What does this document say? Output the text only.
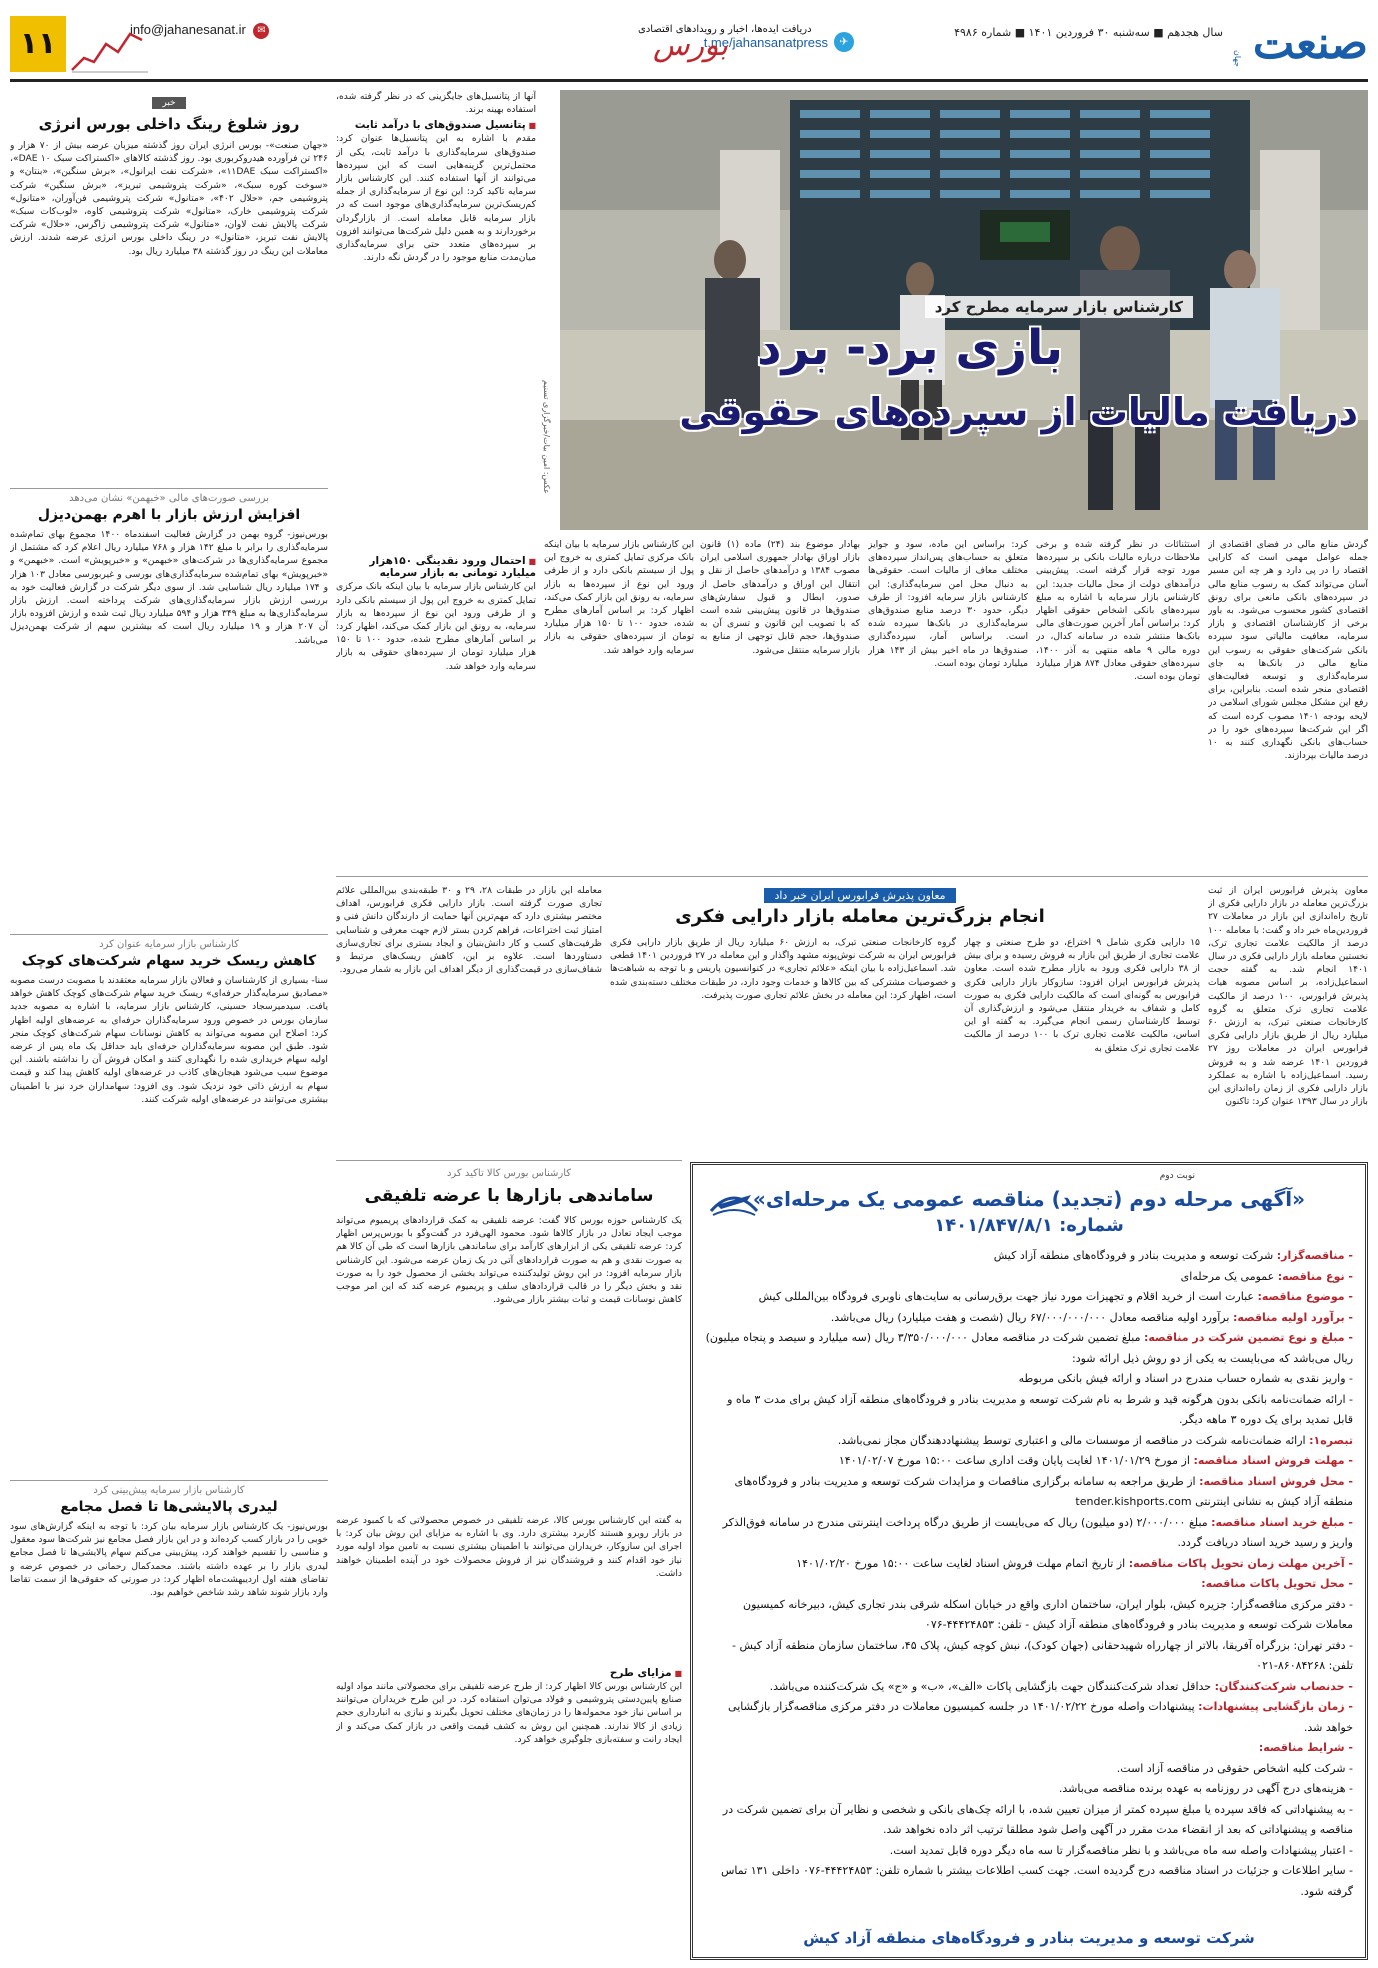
صنعت
جهان
سال هجدهم ■ سه‌شنبه ۳۰ فروردین ۱۴۰۱ ■ شماره ۴۹۸۶
✈
دریافت ایده‌ها، اخبار و رویدادهای اقتصادی
t.me/jahansanatpress
بورس
info@jahanesanat.ir ✉
۱۱
عکس: امین بیات/خبرگزاری تسنیم
کارشناس بازار سرمایه مطرح کرد
بازی برد- برد
دریافت مالیات از سپرده‌های حقوقی
گردش منابع مالی در فضای اقتصادی از جمله عوامل مهمی است که کارایی اقتصاد را در پی دارد و هر چه این مسیر آسان می‌تواند کمک به رسوب منابع مالی در سپرده‌های بانکی مانعی برای رونق اقتصادی کشور محسوب می‌شود. به باور برخی از کارشناسان اقتصادی و بازار سرمایه، معافیت مالیاتی سود سپرده بانکی شرکت‌های حقوقی به رسوب این منابع مالی در بانک‌ها به جای سرمایه‌گذاری و توسعه فعالیت‌های اقتصادی منجر شده است. بنابراین، برای رفع این مشکل مجلس شورای اسلامی در لایحه بودجه ۱۴۰۱ مصوب کرده است که اگر این شرکت‌ها سپرده‌های خود را در حساب‌های بانکی نگهداری کنند به ۱۰ درصد مالیات بپردازند.
استثنائات در نظر گرفته شده و برخی ملاحظات درباره مالیات بانکی بر سپرده‌ها مورد توجه قرار گرفته است. پیش‌بینی درآمدهای دولت از محل مالیات جدید: این کارشناس بازار سرمایه با اشاره به مبلغ سپرده‌های بانکی اشخاص حقوقی اظهار کرد: براساس آمار آخرین صورت‌های مالی بانک‌ها منتشر شده در سامانه کدال، در دوره مالی ۹ ماهه منتهی به آذر ۱۴۰۰، سپرده‌های حقوقی معادل ۸۷۴ هزار میلیارد تومان بوده است.
کرد: براساس این ماده، سود و جوایز متعلق به حساب‌های پس‌انداز سپرده‌های مختلف معاف از مالیات است. حقوقی‌ها به دنبال محل امن سرمایه‌گذاری: این کارشناس بازار سرمایه افزود: از طرف دیگر، حدود ۳۰ درصد منابع صندوق‌های سرمایه‌گذاری در بانک‌ها سپرده شده است. براساس آمار، سپرده‌گذاری صندوق‌ها در ماه اخیر بیش از ۱۴۳ هزار میلیارد تومان بوده است.
بهادار موضوع بند (۲۴) ماده (۱) قانون بازار اوراق بهادار جمهوری اسلامی ایران مصوب ۱۳۸۴ و درآمدهای حاصل از نقل و انتقال این اوراق و درآمدهای حاصل از صدور، ابطال و قبول سفارش‌های صندوق‌ها در قانون پیش‌بینی شده است که با تصویب این قانون و تسری آن به صندوق‌ها، حجم قابل توجهی از منابع به بازار سرمایه منتقل می‌شود.
آنها از پتانسیل‌های جایگزینی که در نظر گرفته شده، استفاده بهینه برند.
■ پتانسیل صندوق‌های با درآمد ثابت
مقدم با اشاره به این پتانسیل‌ها عنوان کرد: صندوق‌های سرمایه‌گذاری با درآمد ثابت، یکی از محتمل‌ترین گزینه‌هایی است که این سپرده‌ها می‌توانند از آنها استفاده کنند. این کارشناس بازار سرمایه تاکید کرد: این نوع از سرمایه‌گذاری از جمله کم‌ریسک‌ترین سرمایه‌گذاری‌های موجود است که در بازار سرمایه قابل معامله است. از بازارگردان برخوردارند و به همین دلیل شرکت‌ها می‌توانند افزون بر سپرده‌های متعدد حتی برای سرمایه‌گذاری میان‌مدت منابع موجود را در گردش نگه دارند.
■ احتمال ورود نقدینگی ۱۵۰هزار میلیارد تومانی به بازار سرمایه
این کارشناس بازار سرمایه با بیان اینکه بانک مرکزی تمایل کمتری به خروج این پول از سیستم بانکی دارد و از طرفی ورود این نوع از سپرده‌ها به بازار سرمایه، به رونق این بازار کمک می‌کند، اظهار کرد: بر اساس آمارهای مطرح شده، حدود ۱۰۰ تا ۱۵۰ هزار میلیارد تومان از سپرده‌های حقوقی به بازار سرمایه وارد خواهد شد.
این کارشناس بازار سرمایه با بیان اینکه بانک مرکزی تمایل کمتری به خروج این پول از سیستم بانکی دارد و از طرفی ورود این نوع از سپرده‌ها به بازار سرمایه، به رونق این بازار کمک می‌کند، اظهار کرد: بر اساس آمارهای مطرح شده، حدود ۱۰۰ تا ۱۵۰ هزار میلیارد تومان از سپرده‌های حقوقی به بازار سرمایه وارد خواهد شد.
معاون پذیرش فرابورس ایران خبر داد
انجام بزرگ‌ترین معامله بازار دارایی فکری
معاون پذیرش فرابورس ایران از ثبت بزرگ‌ترین معامله در بازار دارایی فکری از تاریخ راه‌اندازی این بازار در معاملات ۲۷ فروردین‌ماه خبر داد و گفت: با معامله ۱۰۰ درصد از مالکیت علامت تجاری ترک، نخستین معامله بازار دارایی فکری در سال ۱۴۰۱ انجام شد. به گفته حجت اسماعیل‌زاده، بر اساس مصوبه هیات پذیرش فرابورس، ۱۰۰ درصد از مالکیت علامت تجاری ترک متعلق به گروه کارخانجات صنعتی تبرک، به ارزش ۶۰ میلیارد ریال از طریق بازار دارایی فکری فرابورس ایران در معاملات روز ۲۷ فروردین ۱۴۰۱ عرضه شد و به فروش رسید. اسماعیل‌زاده با اشاره به عملکرد بازار دارایی فکری از زمان راه‌اندازی این بازار در سال ۱۳۹۳ عنوان کرد: تاکنون
۱۵ دارایی فکری شامل ۹ اختراع، دو طرح صنعتی و چهار علامت تجاری از طریق این بازار به فروش رسیده و برای بیش از ۳۸ دارایی فکری ورود به بازار مطرح شده است. معاون پذیرش فرابورس ایران افزود: سازوکار بازار دارایی فکری فرابورس به گونه‌ای است که مالکیت دارایی فکری به صورت کامل و شفاف به خریدار منتقل می‌شود و ارزش‌گذاری آن توسط کارشناسان رسمی انجام می‌گیرد. به گفته او این اساس، مالکیت علامت تجاری ترک با ۱۰۰ درصد از مالکیت علامت تجاری ترک متعلق به
گروه کارخانجات صنعتی تبرک، به ارزش ۶۰ میلیارد ریال از طریق بازار دارایی فکری فرابورس ایران به شرکت نوش‌پونه مشهد واگذار و این معامله در ۲۷ فروردین ۱۴۰۱ قطعی شد. اسماعیل‌زاده با بیان اینکه «علائم تجاری» در کنوانسیون پاریس و با توجه به شباهت‌ها و خصوصیات مشترکی که بین کالاها و خدمات وجود دارد، در طبقات مختلف دسته‌بندی شده است، اظهار کرد: این معامله در بخش علائم تجاری صورت پذیرفت.
معامله این بازار در طبقات ۲۸، ۲۹ و ۳۰ طبقه‌بندی بین‌المللی علائم تجاری صورت گرفته است. بازار دارایی فکری فرابورس، اهداف مختصر بیشتری دارد که مهم‌ترین آنها حمایت از دارندگان دانش فنی و امتیاز ثبت اختراعات، فراهم کردن بستر لازم جهت معرفی و شناسایی ظرفیت‌های کسب و کار دانش‌بنیان و ایجاد بستری برای تجاری‌سازی دستاوردها است. علاوه بر این، کاهش ریسک‌های مرتبط و شفاف‌سازی در قیمت‌گذاری از دیگر اهداف این بازار به شمار می‌رود.
کارشناس بورس کالا تاکید کرد
ساماندهی بازارها با عرضه تلفیقی
یک کارشناس حوزه بورس کالا گفت: عرضه تلفیقی به کمک قراردادهای پریمیوم می‌تواند موجب ایجاد تعادل در بازار کالاها شود. محمود الهی‌فرد در گفت‌وگو با بورس‌پرس اظهار کرد: عرضه تلفیقی یکی از ابزارهای کارآمد برای ساماندهی بازارها است که طی آن کالا هم به صورت نقدی و هم به صورت قراردادهای آتی در یک زمان عرضه می‌شود. این کارشناس بازار سرمایه افزود: در این روش تولیدکننده می‌تواند بخشی از محصول خود را به صورت نقد و بخش دیگر را در قالب قراردادهای سلف و پریمیوم عرضه کند که این امر موجب کاهش نوسانات قیمت و ثبات بیشتر بازار می‌شود.
به گفته این کارشناس بورس کالا، عرضه تلفیقی در خصوص محصولاتی که با کمبود عرضه در بازار روبرو هستند کاربرد بیشتری دارد. وی با اشاره به مزایای این روش بیان کرد: با اجرای این سازوکار، خریداران می‌توانند با اطمینان بیشتری نسبت به تامین مواد اولیه مورد نیاز خود اقدام کنند و فروشندگان نیز از فروش محصولات خود در آینده اطمینان خواهند داشت.
■ مزایای طرح
این کارشناس بورس کالا اظهار کرد: از طرح عرضه تلفیقی برای محصولاتی مانند مواد اولیه صنایع پایین‌دستی پتروشیمی و فولاد می‌توان استفاده کرد. در این طرح خریداران می‌توانند بر اساس نیاز خود محموله‌ها را در زمان‌های مختلف تحویل بگیرند و نیازی به انبارداری حجم زیادی از کالا ندارند. همچنین این روش به کشف قیمت واقعی در بازار کمک می‌کند و از ایجاد رانت و سفته‌بازی جلوگیری خواهد کرد.
خبر
روز شلوغ رینگ داخلی بورس انرژی
«جهان صنعت»- بورس انرژی ایران روز گذشته میزبان عرضه بیش از ۷۰ هزار و ۲۴۶ تن فرآورده هیدروکربوری بود. روز گذشته کالاهای «اکستراکت سبک ۱۰ DAE»، «اکستراکت سبک ۱۱DAE»، «شرکت نفت ایرانول»، «برش سنگین»، «بنتان» و «سوخت کوره سبک»، «شرکت پتروشیمی تبریز»، «برش سنگین» شرکت پتروشیمی جم، «حلال ۴۰۲»، «متانول» شرکت پتروشیمی فن‌آوران، «متانول» شرکت پتروشیمی خارک، «متانول» شرکت پتروشیمی کاوه، «لوب‌کات سبک» شرکت پالایش نفت لاوان، «متانول» شرکت پتروشیمی زاگرس، «حلال» شرکت پالایش نفت تبریز، «متانول» در رینگ داخلی بورس انرژی عرضه شدند. ارزش معاملات این رینگ در روز گذشته ۳۸ میلیارد ریال بود.
بررسی صورت‌های مالی «خبهمن» نشان می‌دهد
افزایش ارزش بازار با اهرم بهمن‌دیزل
بورس‌نیوز- گروه بهمن در گزارش فعالیت اسفندماه ۱۴۰۰ مجموع بهای تمام‌شده سرمایه‌گذاری را برابر با مبلغ ۱۴۲ هزار و ۷۶۸ میلیارد ریال اعلام کرد که مشتمل از مجموع سرمایه‌گذاری‌ها در شرکت‌های «خبهمن» و «خبرپویش» است. «خبهمن» و «خبرپویش» بهای تمام‌شده سرمایه‌گذاری‌های بورسی و غیربورسی معادل ۱۰۳ هزار و ۱۷۴ میلیارد ریال شناسایی شد. از سوی دیگر شرکت در گزارش فعالیت خود به بررسی ارزش بازار سرمایه‌گذاری‌های شرکت پرداخته است. ارزش بازار سرمایه‌گذاری‌ها به مبلغ ۳۴۹ هزار و ۵۹۴ میلیارد ریال ثبت شده و ارزش افزوده بازار آن ۲۰۷ هزار و ۱۹ میلیارد ریال است که بیشترین سهم از شرکت بهمن‌دیزل می‌باشد.
کارشناس بازار سرمایه عنوان کرد
کاهش ریسک خرید سهام شرکت‌های کوچک
سنا- بسیاری از کارشناسان و فعالان بازار سرمایه معتقدند با مصوبت درست مصوبه «مصادیق سرمایه‌گذار حرفه‌ای» ریسک خرید سهام شرکت‌های کوچک کاهش خواهد یافت. سیدمیرسجاد حسینی، کارشناس بازار سرمایه، با اشاره به مصوبه جدید سازمان بورس در خصوص ورود سرمایه‌گذاران حرفه‌ای به عرضه‌های اولیه اظهار کرد: اصلاح این مصوبه می‌تواند به کاهش نوسانات سهام شرکت‌های کوچک منجر شود. طبق این مصوبه سرمایه‌گذاران حرفه‌ای باید حداقل یک ماه پس از عرضه اولیه سهام خریداری شده را نگهداری کنند و امکان فروش آن را نداشته باشند. این موضوع سبب می‌شود هیجان‌های کاذب در عرضه‌های اولیه کاهش پیدا کند و قیمت سهام به ارزش ذاتی خود نزدیک شود. وی افزود: سهامداران خرد نیز با اطمینان بیشتری می‌توانند در عرضه‌های اولیه شرکت کنند.
کارشناس بازار سرمایه پیش‌بینی کرد
لیدری پالایشی‌ها تا فصل مجامع
بورس‌نیوز- یک کارشناس بازار سرمایه بیان کرد: با توجه به اینکه گزارش‌های سود خوبی را در بازار کسب کرده‌اند و در این بازار فصل مجامع نیز شرکت‌ها سود معقول و مناسبی را تقسیم خواهند کرد، پیش‌بینی می‌کنم سهام پالایشی‌ها تا فصل مجامع لیدری بازار را بر عهده داشته باشند. محمدکمال رحمانی در خصوص عرضه و تقاضای هفته اول اردیبهشت‌ماه اظهار کرد: در صورتی که حقوقی‌ها از سمت تقاضا وارد بازار شوند شاهد رشد شاخص خواهیم بود.
نوبت دوم
«آگهی مرحله دوم (تجدید) مناقصه عمومی یک مرحله‌ای»
شماره: ۱۴۰۱/۸۴۷/۸/۱
- مناقصه‌گزار: شرکت توسعه و مدیریت بنادر و فرودگاه‌های منطقه آزاد کیش
- نوع مناقصه: عمومی یک مرحله‌ای
- موضوع مناقصه: عبارت است از خرید اقلام و تجهیزات مورد نیاز جهت برق‌رسانی به سایت‌های ناوبری فرودگاه بین‌المللی کیش
- برآورد اولیه مناقصه: برآورد اولیه مناقصه معادل ۶۷/۰۰۰/۰۰۰/۰۰۰ ریال (شصت و هفت میلیارد) ریال می‌باشد.
- مبلغ و نوع تضمین شرکت در مناقصه: مبلغ تضمین شرکت در مناقصه معادل ۳/۳۵۰/۰۰۰/۰۰۰ ریال (سه میلیارد و سیصد و پنجاه میلیون) ریال می‌باشد که می‌بایست به یکی از دو روش ذیل ارائه شود:
- واریز نقدی به شماره حساب مندرج در اسناد و ارائه فیش بانکی مربوطه
- ارائه ضمانت‌نامه بانکی بدون هرگونه قید و شرط به نام شرکت توسعه و مدیریت بنادر و فرودگاه‌های منطقه آزاد کیش برای مدت ۳ ماه و قابل تمدید برای یک دوره ۳ ماهه دیگر.
تبصره۱: ارائه ضمانت‌نامه شرکت در مناقصه از موسسات مالی و اعتباری توسط پیشنهاددهندگان مجاز نمی‌باشد.
- مهلت فروش اسناد مناقصه: از مورخ ۱۴۰۱/۰۱/۲۹ لغایت پایان وقت اداری ساعت ۱۵:۰۰ مورخ ۱۴۰۱/۰۲/۰۷
- محل فروش اسناد مناقصه: از طریق مراجعه به سامانه برگزاری مناقصات و مزایدات شرکت توسعه و مدیریت بنادر و فرودگاه‌های منطقه آزاد کیش به نشانی اینترنتی tender.kishports.com
- مبلغ خرید اسناد مناقصه: مبلغ ۲/۰۰۰/۰۰۰ (دو میلیون) ریال که می‌بایست از طریق درگاه پرداخت اینترنتی مندرج در سامانه فوق‌الذکر واریز و رسید خرید اسناد دریافت گردد.
- آخرین مهلت زمان تحویل پاکات مناقصه: از تاریخ اتمام مهلت فروش اسناد لغایت ساعت ۱۵:۰۰ مورخ ۱۴۰۱/۰۲/۲۰
- محل تحویل پاکات مناقصه:
- دفتر مرکزی مناقصه‌گزار: جزیره کیش، بلوار ایران، ساختمان اداری واقع در خیابان اسکله شرقی بندر تجاری کیش، دبیرخانه کمیسیون معاملات شرکت توسعه و مدیریت بنادر و فرودگاه‌های منطقه آزاد کیش - تلفن: ۴۴۴۲۴۸۵۳-۰۷۶
- دفتر تهران: بزرگراه آفریقا، بالاتر از چهارراه شهیدحقانی (جهان کودک)، نبش کوچه کیش، پلاک ۴۵، ساختمان سازمان منطقه آزاد کیش - تلفن: ۸۶۰۸۴۲۶۸-۰۲۱
- حدنصاب شرکت‌کنندگان: حداقل تعداد شرکت‌کنندگان جهت بازگشایی پاکات «الف»، «ب» و «ج» یک شرکت‌کننده می‌باشد.
- زمان بازگشایی پیشنهادات: پیشنهادات واصله مورخ ۱۴۰۱/۰۲/۲۲ در جلسه کمیسیون معاملات در دفتر مرکزی مناقصه‌گزار بازگشایی خواهد شد.
- شرایط مناقصه:
- شرکت کلیه اشخاص حقوقی در مناقصه آزاد است.
- هزینه‌های درج آگهی در روزنامه به عهده برنده مناقصه می‌باشد.
- به پیشنهاداتی که فاقد سپرده یا مبلغ سپرده کمتر از میزان تعیین شده، با ارائه چک‌های بانکی و شخصی و نظایر آن برای تضمین شرکت در مناقصه و پیشنهاداتی که بعد از انقضاء مدت مقرر در آگهی واصل شود مطلقا ترتیب اثر داده نخواهد شد.
- اعتبار پیشنهادات واصله سه ماه می‌باشد و با نظر مناقصه‌گزار تا سه ماه دیگر دوره قابل تمدید است.
- سایر اطلاعات و جزئیات در اسناد مناقصه درج گردیده است. جهت کسب اطلاعات بیشتر با شماره تلفن: ۴۴۴۲۴۸۵۳-۰۷۶ داخلی ۱۳۱ تماس گرفته شود.
شرکت توسعه و مدیریت بنادر و فرودگاه‌های منطقه آزاد کیش
